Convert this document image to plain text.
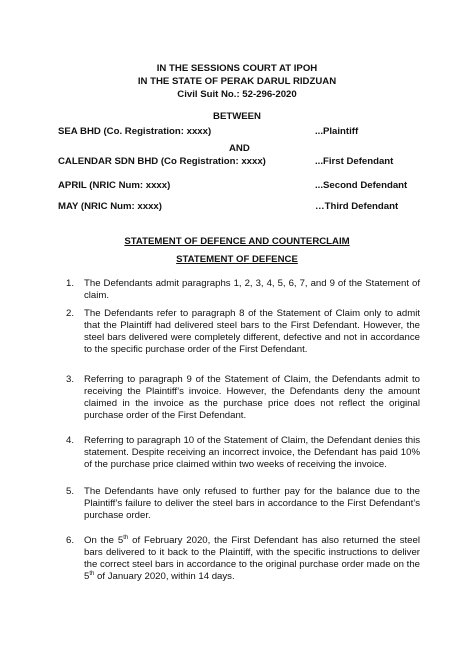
IN THE SESSIONS COURT AT IPOH
IN THE STATE OF PERAK DARUL RIDZUAN
Civil Suit No.: 52-296-2020
BETWEEN
SEA BHD (Co. Registration: xxxx)	...Plaintiff
AND
CALENDAR SDN BHD (Co Registration: xxxx)	...First Defendant
APRIL (NRIC Num: xxxx)	...Second Defendant
MAY (NRIC Num: xxxx)	…Third Defendant
STATEMENT OF DEFENCE AND COUNTERCLAIM
STATEMENT OF DEFENCE
1. The Defendants admit paragraphs 1, 2, 3, 4, 5, 6, 7, and 9 of the Statement of claim.
2. The Defendants refer to paragraph 8 of the Statement of Claim only to admit that the Plaintiff had delivered steel bars to the First Defendant. However, the steel bars delivered were completely different, defective and not in accordance to the specific purchase order of the First Defendant.
3. Referring to paragraph 9 of the Statement of Claim, the Defendants admit to receiving the Plaintiff’s invoice. However, the Defendants deny the amount claimed in the invoice as the purchase price does not reflect the original purchase order of the First Defendant.
4. Referring to paragraph 10 of the Statement of Claim, the Defendant denies this statement. Despite receiving an incorrect invoice, the Defendant has paid 10% of the purchase price claimed within two weeks of receiving the invoice.
5. The Defendants have only refused to further pay for the balance due to the Plaintiff’s failure to deliver the steel bars in accordance to the First Defendant’s purchase order.
6. On the 5th of February 2020, the First Defendant has also returned the steel bars delivered to it back to the Plaintiff, with the specific instructions to deliver the correct steel bars in accordance to the original purchase order made on the 5th of January 2020, within 14 days.
